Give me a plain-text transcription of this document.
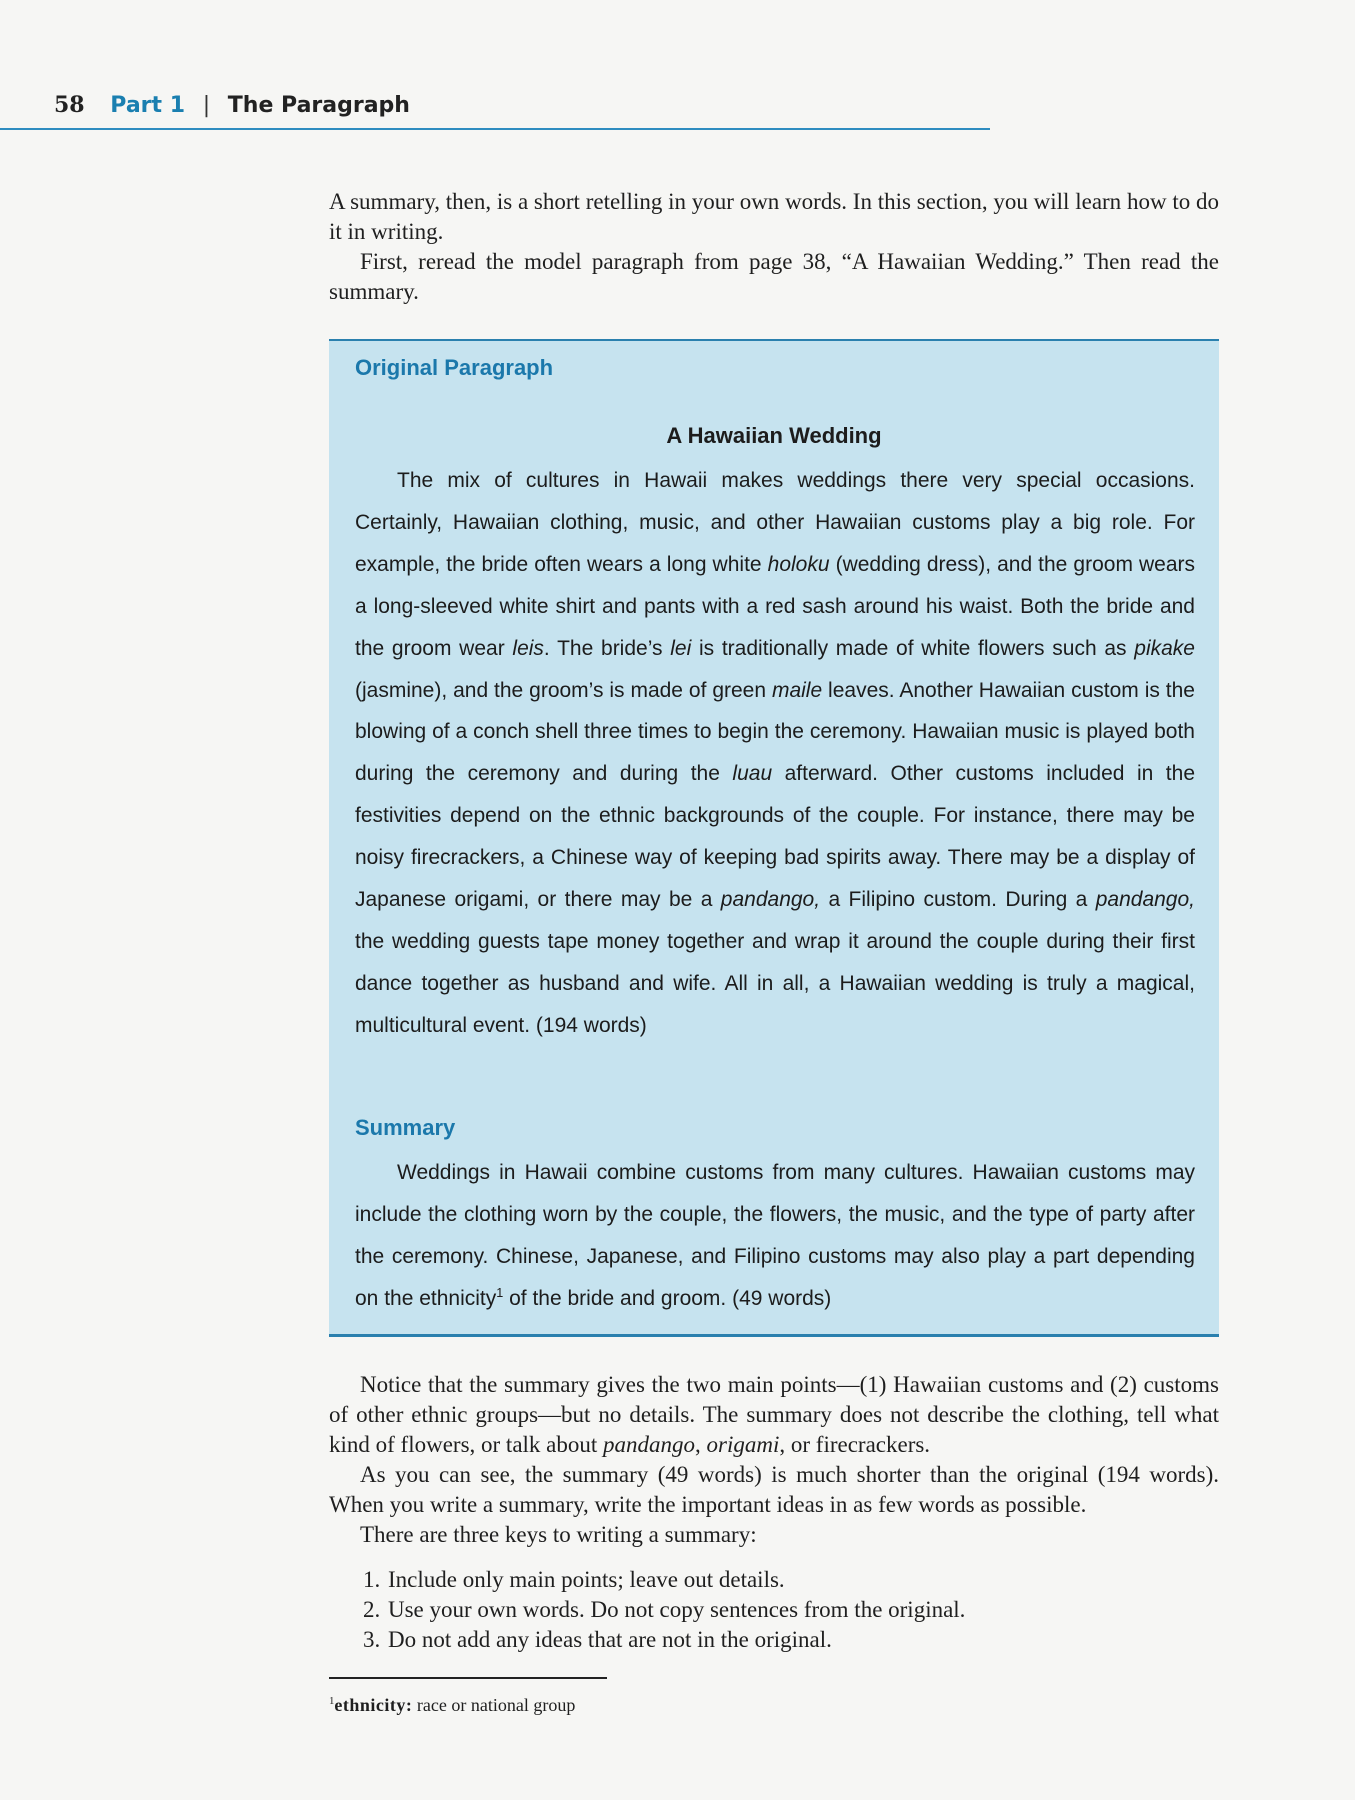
58 Part 1 | The Paragraph

A summary, then, is a short retelling in your own words. In this section, you will learn how to do it in writing.

First, reread the model paragraph from page 38, “A Hawaiian Wedding.” Then read the summary.

Original Paragraph
A Hawaiian Wedding

The mix of cultures in Hawaii makes weddings there very special occasions. Certainly, Hawaiian clothing, music, and other Hawaiian customs play a big role. For example, the bride often wears a long white holoku (wedding dress), and the groom wears a long-sleeved white shirt and pants with a red sash around his waist. Both the bride and the groom wear leis. The bride’s lei is traditionally made of white flowers such as pikake (jasmine), and the groom’s is made of green maile leaves. Another Hawaiian custom is the blowing of a conch shell three times to begin the ceremony. Hawaiian music is played both during the ceremony and during the luau afterward. Other customs included in the festivities depend on the ethnic backgrounds of the couple. For instance, there may be noisy firecrackers, a Chinese way of keeping bad spirits away. There may be a display of Japanese origami, or there may be a pandango, a Filipino custom. During a pandango, the wedding guests tape money together and wrap it around the couple during their first dance together as husband and wife. All in all, a Hawaiian wedding is truly a magical, multicultural event. (194 words)

Summary

Weddings in Hawaii combine customs from many cultures. Hawaiian customs may include the clothing worn by the couple, the flowers, the music, and the type of party after the ceremony. Chinese, Japanese, and Filipino customs may also play a part depending on the ethnicity$^1$ of the bride and groom. (49 words)

Notice that the summary gives the two main points—(1) Hawaiian customs and (2) customs of other ethnic groups—but no details. The summary does not describe the clothing, tell what kind of flowers, or talk about pandango, origami, or firecrackers.

As you can see, the summary (49 words) is much shorter than the original (194 words). When you write a summary, write the important ideas in as few words as possible.

There are three keys to writing a summary:

1. Include only main points; leave out details.
2. Use your own words. Do not copy sentences from the original.
3. Do not add any ideas that are not in the original.
$^1$ethnicity: race or national group
